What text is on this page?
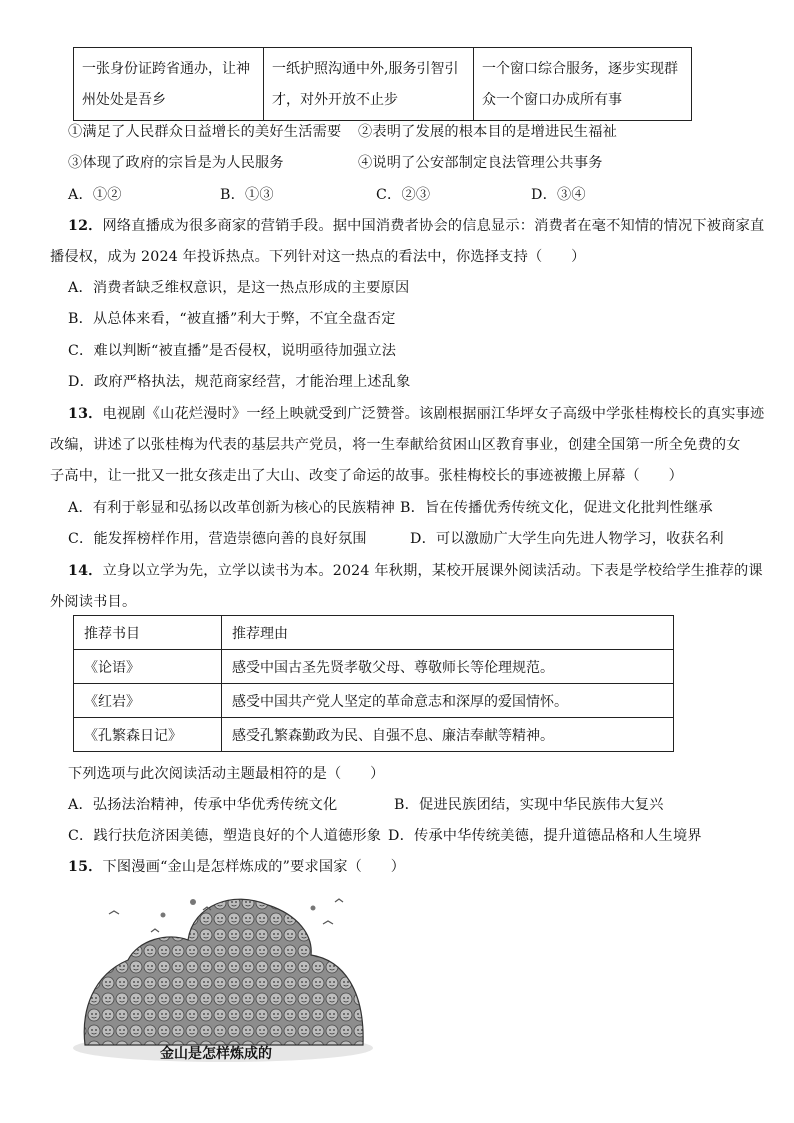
一张身份证跨省通办，让神
州处处是吾乡

一纸护照沟通中外,服务引智引
才，对外开放不止步

一个窗口综合服务，逐步实现群
众一个窗口办成所有事
①满足了人民群众日益增长的美好生活需要 ②表明了发展的根本目的是增进民生福祉
③体现了政府的宗旨是为人民服务	④说明了公安部制定良法管理公共事务
A．①②	B．①③	C．②③	D．③④
12．网络直播成为很多商家的营销手段。据中国消费者协会的信息显示：消费者在毫不知情的情况下被商家直
播侵权，成为 2024 年投诉热点。下列针对这一热点的看法中，你选择支持（　　）
A．消费者缺乏维权意识，是这一热点形成的主要原因
B．从总体来看，“被直播”利大于弊，不宜全盘否定
C．难以判断“被直播”是否侵权，说明亟待加强立法
D．政府严格执法，规范商家经营，才能治理上述乱象
13．电视剧《山花烂漫时》一经上映就受到广泛赞誉。该剧根据丽江华坪女子高级中学张桂梅校长的真实事迹
改编，讲述了以张桂梅为代表的基层共产党员，将一生奉献给贫困山区教育事业，创建全国第一所全免费的女
子高中，让一批又一批女孩走出了大山、改变了命运的故事。张桂梅校长的事迹被搬上屏幕（　　）
A．有利于彰显和弘扬以改革创新为核心的民族精神 B．旨在传播优秀传统文化，促进文化批判性继承
C．能发挥榜样作用，营造崇德向善的良好氛围	D．可以激励广大学生向先进人物学习，收获名利
14．立身以立学为先，立学以读书为本。2024 年秋期，某校开展课外阅读活动。下表是学校给学生推荐的课
外阅读书目。
推荐书目	推荐理由
《论语》	感受中国古圣先贤孝敬父母、尊敬师长等伦理规范。
《红岩》	感受中国共产党人坚定的革命意志和深厚的爱国情怀。
《孔繁森日记》	感受孔繁森勤政为民、自强不息、廉洁奉献等精神。
下列选项与此次阅读活动主题最相符的是（　　）
A．弘扬法治精神，传承中华优秀传统文化	B．促进民族团结，实现中华民族伟大复兴
C．践行扶危济困美德，塑造良好的个人道德形象 D．传承中华传统美德，提升道德品格和人生境界
15．下图漫画“金山是怎样炼成的”要求国家（　　）
金山是怎样炼成的
